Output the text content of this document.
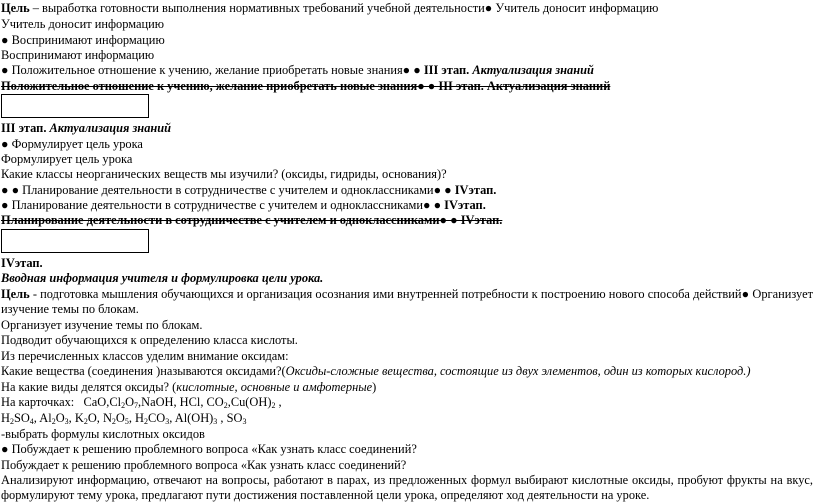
Цель – выработка готовности выполнения нормативных требований учебной деятельности● Учитель доносит информацию
Учитель доносит информацию
● Воспринимают информацию
Воспринимают информацию
● Положительное отношение к учению, желание приобретать новые знания● ● III этап. Актуализация знаний
Положительное отношение к учению, желание приобретать новые знания● ● III этап. Актуализация знаний
III этап. Актуализация знаний
● Формулирует цель урока
Формулирует цель урока
Какие классы неорганических веществ мы изучили? (оксиды, гидриды, основания)?
● ● Планирование деятельности в сотрудничестве с учителем и одноклассниками● ● IVэтап.
● Планирование деятельности в сотрудничестве с учителем и одноклассниками● ● IVэтап.
Планирование деятельности в сотрудничестве с учителем и одноклассниками● ● IVэтап.
IVэтап.
Вводная информация учителя и формулировка цели урока.
Цель - подготовка мышления обучающихся и организация осознания ими внутренней потребности к построению нового способа действий● Организует изучение темы по блокам.
Организует изучение темы по блокам.
Подводит обучающихся к определению класса кислоты.
Из перечисленных классов уделим внимание оксидам:
Какие вещества (соединения )называются оксидами?(Оксиды-сложные вещества, состоящие из двух элементов, один из которых кислород.)
На какие виды делятся оксиды? (кислотные, основные и амфотерные)
На карточках: $CaO,Cl_2O_7,NaOH$, HCl, $CO_2,Cu(OH)_2$ ,
$H_2SO_4$, $Al_2O_3$, $K_2O$, $N_2O_5$, $H_2CO_3$, $Al(OH)_3$ , $SO_3$
-выбрать формулы кислотных оксидов
● Побуждает к решению проблемного вопроса «Как узнать класс соединений?
Побуждает к решению проблемного вопроса «Как узнать класс соединений?
Анализируют информацию, отвечают на вопросы, работают в парах, из предложенных формул выбирают кислотные оксиды, пробуют фрукты на вкус, формулируют тему урока, предлагают пути достижения поставленной цели урока, определяют ход деятельности на уроке.
